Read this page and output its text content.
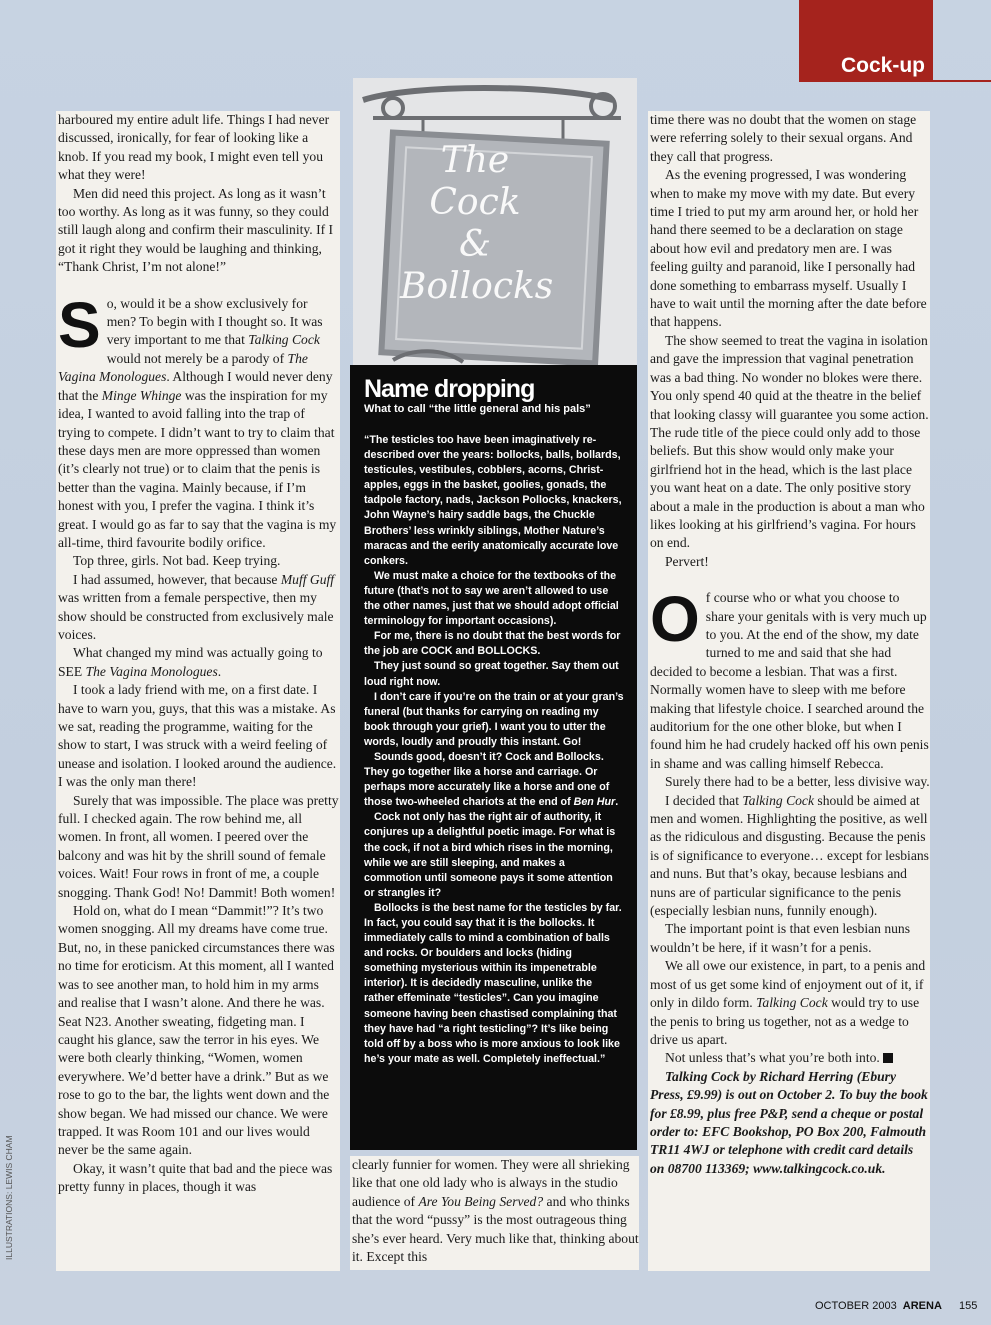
Cock-up
The
Cock
&
Bollocks
Name dropping
What to call “the little general and his pals”

“The testicles too have been imaginatively re-described over the years: bollocks, balls, bollards, testicules, vestibules, cobblers, acorns, Christ-apples, eggs in the basket, goolies, gonads, the tadpole factory, nads, Jackson Pollocks, knackers, John Wayne’s hairy saddle bags, the Chuckle Brothers’ less wrinkly siblings, Mother Nature’s maracas and the eerily anatomically accurate love conkers.

We must make a choice for the textbooks of the future (that’s not to say we aren’t allowed to use the other names, just that we should adopt official terminology for important occasions).

For me, there is no doubt that the best words for the job are COCK and BOLLOCKS.

They just sound so great together. Say them out loud right now.

I don’t care if you’re on the train or at your gran’s funeral (but thanks for carrying on reading my book through your grief). I want you to utter the words, loudly and proudly this instant. Go!

Sounds good, doesn’t it? Cock and Bollocks. They go together like a horse and carriage. Or perhaps more accurately like a horse and one of those two-wheeled chariots at the end of Ben Hur.

Cock not only has the right air of authority, it conjures up a delightful poetic image. For what is the cock, if not a bird which rises in the morning, while we are still sleeping, and makes a commotion until someone pays it some attention or strangles it?

Bollocks is the best name for the testicles by far. In fact, you could say that it is the bollocks. It immediately calls to mind a combination of balls and rocks. Or boulders and locks (hiding something mysterious within its impenetrable interior). It is decidedly masculine, unlike the rather effeminate “testicles”. Can you imagine someone having been chastised complaining that they have had “a right testicling”? It’s like being told off by a boss who is more anxious to look like he’s your mate as well. Completely ineffectual.”

harboured my entire adult life. Things I had never discussed, ironically, for fear of looking like a knob. If you read my book, I might even tell you what they were!

Men did need this project. As long as it wasn’t too worthy. As long as it was funny, so they could still laugh along and confirm their masculinity. If I got it right they would be laughing and thinking, “Thank Christ, I’m not alone!”

So, would it be a show exclusively for men? To begin with I thought so. It was very important to me that Talking Cock would not merely be a parody of The Vagina Monologues. Although I would never deny that the Minge Whinge was the inspiration for my idea, I wanted to avoid falling into the trap of trying to compete. I didn’t want to try to claim that these days men are more oppressed than women (it’s clearly not true) or to claim that the penis is better than the vagina. Mainly because, if I’m honest with you, I prefer the vagina. I think it’s great. I would go as far to say that the vagina is my all-time, third favourite bodily orifice.

Top three, girls. Not bad. Keep trying.

I had assumed, however, that because Muff Guff was written from a female perspective, then my show should be constructed from exclusively male voices.

What changed my mind was actually going to SEE The Vagina Monologues.

I took a lady friend with me, on a first date. I have to warn you, guys, that this was a mistake. As we sat, reading the programme, waiting for the show to start, I was struck with a weird feeling of unease and isolation. I looked around the audience. I was the only man there!

Surely that was impossible. The place was pretty full. I checked again. The row behind me, all women. In front, all women. I peered over the balcony and was hit by the shrill sound of female voices. Wait! Four rows in front of me, a couple snogging. Thank God! No! Dammit! Both women!

Hold on, what do I mean “Dammit!”? It’s two women snogging. All my dreams have come true. But, no, in these panicked circumstances there was no time for eroticism. At this moment, all I wanted was to see another man, to hold him in my arms and realise that I wasn’t alone. And there he was. Seat N23. Another sweating, fidgeting man. I caught his glance, saw the terror in his eyes. We were both clearly thinking, “Women, women everywhere. We’d better have a drink.” But as we rose to go to the bar, the lights went down and the show began. We had missed our chance. We were trapped. It was Room 101 and our lives would never be the same again.

Okay, it wasn’t quite that bad and the piece was pretty funny in places, though it was

clearly funnier for women. They were all shrieking like that one old lady who is always in the studio audience of Are You Being Served? and who thinks that the word “pussy” is the most outrageous thing she’s ever heard. Very much like that, thinking about it. Except this

time there was no doubt that the women on stage were referring solely to their sexual organs. And they call that progress.

As the evening progressed, I was wondering when to make my move with my date. But every time I tried to put my arm around her, or hold her hand there seemed to be a declaration on stage about how evil and predatory men are. I was feeling guilty and paranoid, like I personally had done something to embarrass myself. Usually I have to wait until the morning after the date before that happens.

The show seemed to treat the vagina in isolation and gave the impression that vaginal penetration was a bad thing. No wonder no blokes were there. You only spend 40 quid at the theatre in the belief that looking classy will guarantee you some action. The rude title of the piece could only add to those beliefs. But this show would only make your girlfriend hot in the head, which is the last place you want heat on a date. The only positive story about a male in the production is about a man who likes looking at his girlfriend’s vagina. For hours on end.

Pervert!

Of course who or what you choose to share your genitals with is very much up to you. At the end of the show, my date turned to me and said that she had decided to become a lesbian. That was a first. Normally women have to sleep with me before making that lifestyle choice. I searched around the auditorium for the one other bloke, but when I found him he had crudely hacked off his own penis in shame and was calling himself Rebecca.

Surely there had to be a better, less divisive way.

I decided that Talking Cock should be aimed at men and women. Highlighting the positive, as well as the ridiculous and disgusting. Because the penis is of significance to everyone… except for lesbians and nuns. But that’s okay, because lesbians and nuns are of particular significance to the penis (especially lesbian nuns, funnily enough).

The important point is that even lesbian nuns wouldn’t be here, if it wasn’t for a penis.

We all owe our existence, in part, to a penis and most of us get some kind of enjoyment out of it, if only in dildo form. Talking Cock would try to use the penis to bring us together, not as a wedge to drive us apart.

Not unless that’s what you’re both into.

Talking Cock by Richard Herring (Ebury Press, £9.99) is out on October 2. To buy the book for £8.99, plus free P&P, send a cheque or postal order to: EFC Bookshop, PO Box 200, Falmouth TR11 4WJ or telephone with credit card details on 08700 113369; www.talkingcock.co.uk.

OCTOBER 2003 ARENA 155
ILLUSTRATIONS: LEWIS CHAM
